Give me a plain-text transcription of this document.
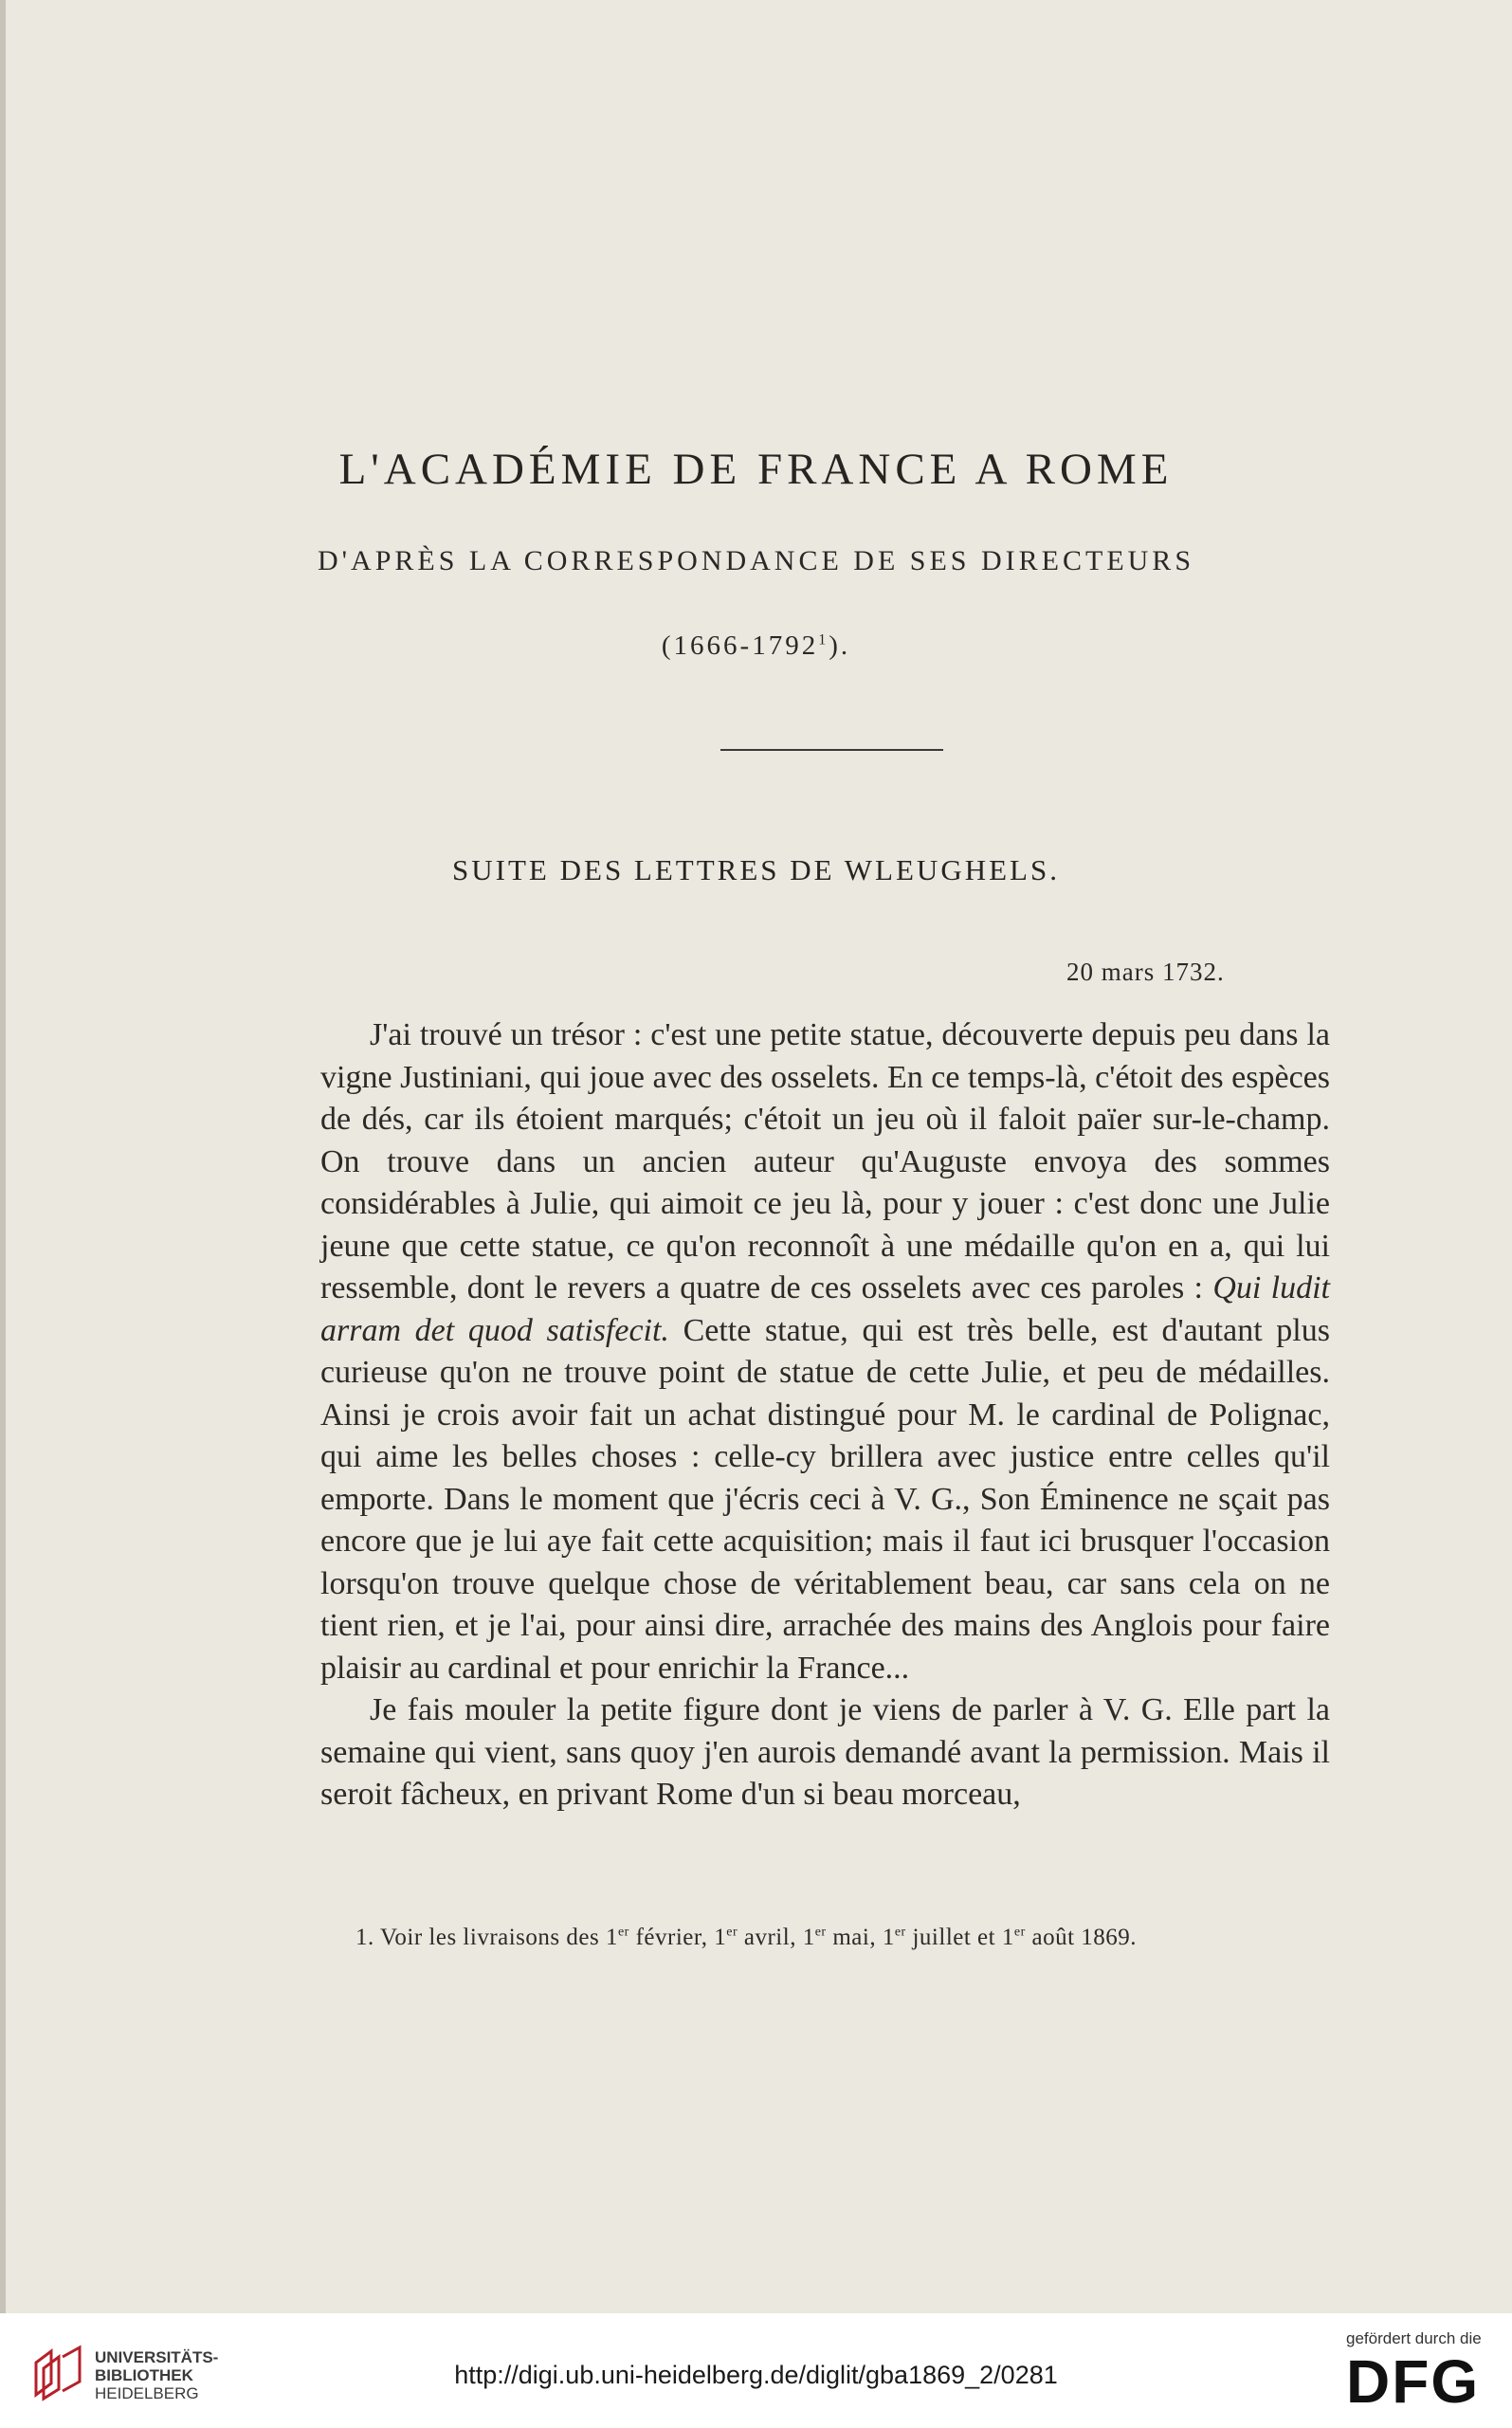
L'ACADÉMIE DE FRANCE A ROME
D'APRÈS LA CORRESPONDANCE DE SES DIRECTEURS
(1666-1792$^1$).
SUITE DES LETTRES DE WLEUGHELS.
20 mars 1732.

J'ai trouvé un trésor : c'est une petite statue, découverte depuis peu dans la vigne Justiniani, qui joue avec des osselets. En ce temps-là, c'étoit des espèces de dés, car ils étoient marqués; c'étoit un jeu où il faloit païer sur-le-champ. On trouve dans un ancien auteur qu'Auguste envoya des sommes considérables à Julie, qui aimoit ce jeu là, pour y jouer : c'est donc une Julie jeune que cette statue, ce qu'on reconnoît à une médaille qu'on en a, qui lui ressemble, dont le revers a quatre de ces osselets avec ces paroles : Qui ludit arram det quod satisfecit. Cette statue, qui est très belle, est d'autant plus curieuse qu'on ne trouve point de statue de cette Julie, et peu de médailles. Ainsi je crois avoir fait un achat distingué pour M. le cardinal de Polignac, qui aime les belles choses : celle-cy brillera avec justice entre celles qu'il emporte. Dans le moment que j'écris ceci à V. G., Son Éminence ne sçait pas encore que je lui aye fait cette acquisition; mais il faut ici brusquer l'occasion lorsqu'on trouve quelque chose de véritablement beau, car sans cela on ne tient rien, et je l'ai, pour ainsi dire, arrachée des mains des Anglois pour faire plaisir au cardinal et pour enrichir la France...

Je fais mouler la petite figure dont je viens de parler à V. G. Elle part la semaine qui vient, sans quoy j'en aurois demandé avant la permission. Mais il seroit fâcheux, en privant Rome d'un si beau morceau,

1. Voir les livraisons des 1er février, 1er avril, 1er mai, 1er juillet et 1er août 1869.
UNIVERSITÄTS-
BIBLIOTHEK
HEIDELBERG
http://digi.ub.uni-heidelberg.de/diglit/gba1869_2/0281
gefördert durch die
DFG
